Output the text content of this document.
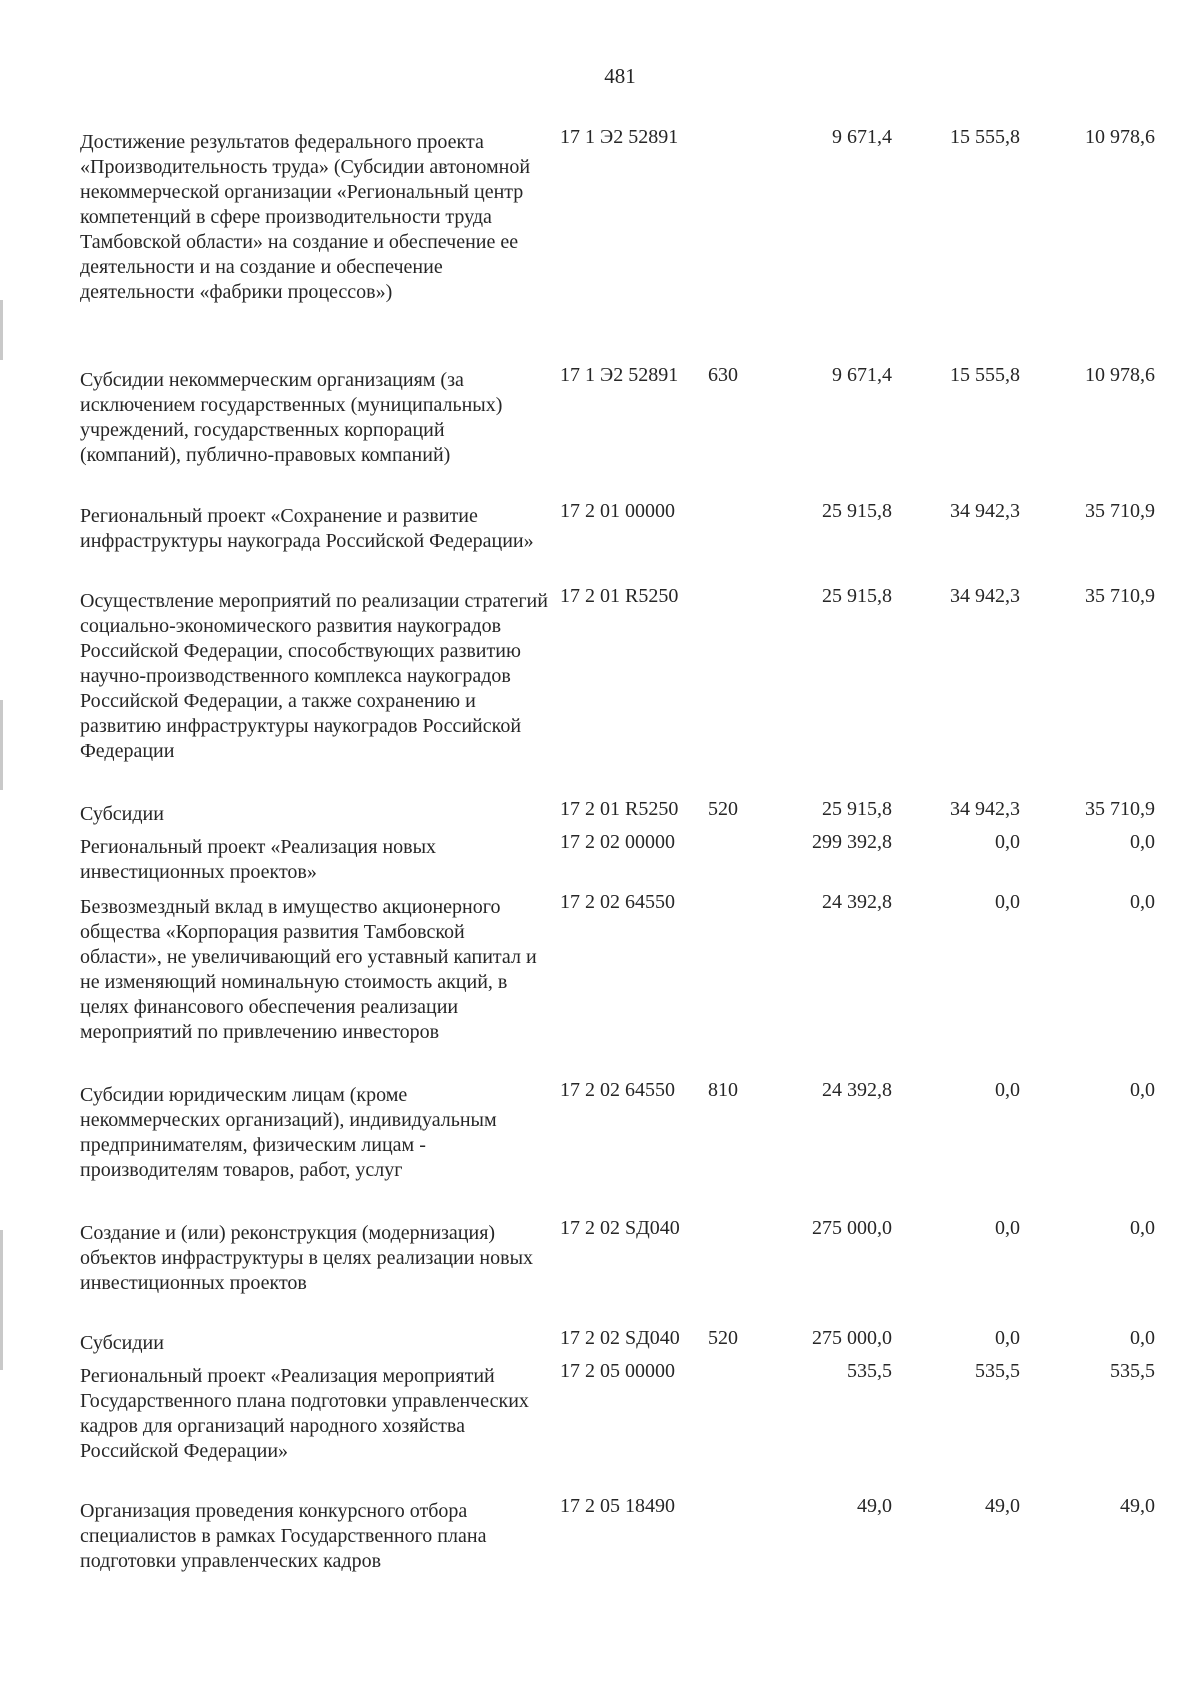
481
Достижение результатов федерального проекта «Производительность труда» (Субсидии автономной некоммерческой организации «Региональный центр компетенций в сфере производительности труда Тамбовской области» на создание и обеспечение ее деятельности и на создание и обеспечение деятельности «фабрики процессов»)
17 1 Э2 52891	9 671,4	15 555,8	10 978,6
Субсидии некоммерческим организациям (за исключением государственных (муниципальных) учреждений, государственных корпораций (компаний), публично-правовых компаний)
17 1 Э2 52891 630	9 671,4	15 555,8	10 978,6
Региональный проект «Сохранение и развитие инфраструктуры наукограда Российской Федерации»
17 2 01 00000	25 915,8	34 942,3	35 710,9
Осуществление мероприятий по реализации стратегий социально-экономического развития наукоградов Российской Федерации, способствующих развитию научно-производственного комплекса наукоградов Российской Федерации, а также сохранению и развитию инфраструктуры наукоградов Российской Федерации
17 2 01 R5250	25 915,8	34 942,3	35 710,9
Субсидии	17 2 01 R5250 520	25 915,8	34 942,3	35 710,9
Региональный проект «Реализация новых инвестиционных проектов»
17 2 02 00000	299 392,8	0,0	0,0
Безвозмездный вклад в имущество акционерного общества «Корпорация развития Тамбовской области», не увеличивающий его уставный капитал и не изменяющий номинальную стоимость акций, в целях финансового обеспечения реализации мероприятий по привлечению инвесторов
17 2 02 64550	24 392,8	0,0	0,0
Субсидии юридическим лицам (кроме некоммерческих организаций), индивидуальным предпринимателям, физическим лицам - производителям товаров, работ, услуг
17 2 02 64550 810	24 392,8	0,0	0,0
Создание и (или) реконструкция (модернизация) объектов инфраструктуры в целях реализации новых инвестиционных проектов
17 2 02 SД040	275 000,0	0,0	0,0
Субсидии	17 2 02 SД040 520	275 000,0	0,0	0,0
Региональный проект «Реализация мероприятий Государственного плана подготовки управленческих кадров для организаций народного хозяйства Российской Федерации»
17 2 05 00000	535,5	535,5	535,5
Организация проведения конкурсного отбора специалистов в рамках Государственного плана подготовки управленческих кадров
17 2 05 18490	49,0	49,0	49,0
